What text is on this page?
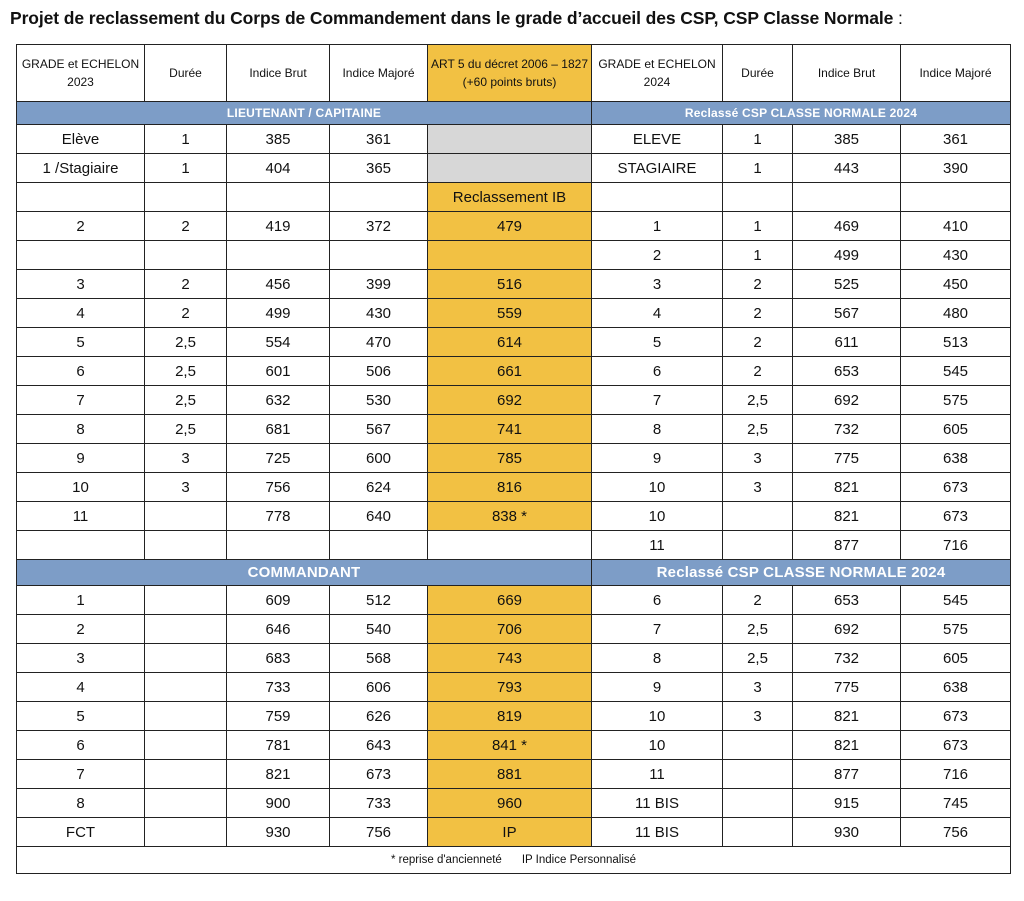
Projet de reclassement du Corps de Commandement dans le grade d’accueil des CSP, CSP Classe Normale :
GRADE et ECHELON 2023	Durée	Indice Brut	Indice Majoré	ART 5 du décret 2006 – 1827 (+60 points bruts)	GRADE et ECHELON 2024	Durée	Indice Brut	Indice Majoré
LIEUTENANT / CAPITAINE					Reclassé CSP CLASSE NORMALE 2024			
Elève	1	385	361		ELEVE	1	385	361
1 /Stagiaire	1	404	365		STAGIAIRE	1	443	390
				Reclassement IB				
2	2	419	372	479	1	1	469	410
					2	1	499	430
3	2	456	399	516	3	2	525	450
4	2	499	430	559	4	2	567	480
5	2,5	554	470	614	5	2	611	513
6	2,5	601	506	661	6	2	653	545
7	2,5	632	530	692	7	2,5	692	575
8	2,5	681	567	741	8	2,5	732	605
9	3	725	600	785	9	3	775	638
10	3	756	624	816	10	3	821	673
11		778	640	838 *	10		821	673
					11		877	716
COMMANDANT					Reclassé CSP CLASSE NORMALE 2024			
1		609	512	669	6	2	653	545
2		646	540	706	7	2,5	692	575
3		683	568	743	8	2,5	732	605
4		733	606	793	9	3	775	638
5		759	626	819	10	3	821	673
6		781	643	841 *	10		821	673
7		821	673	881	11		877	716
8		900	733	960	11 BIS		915	745
FCT		930	756	IP	11 BIS		930	756
* reprise d'ancienneté IP Indice Personnalisé								
